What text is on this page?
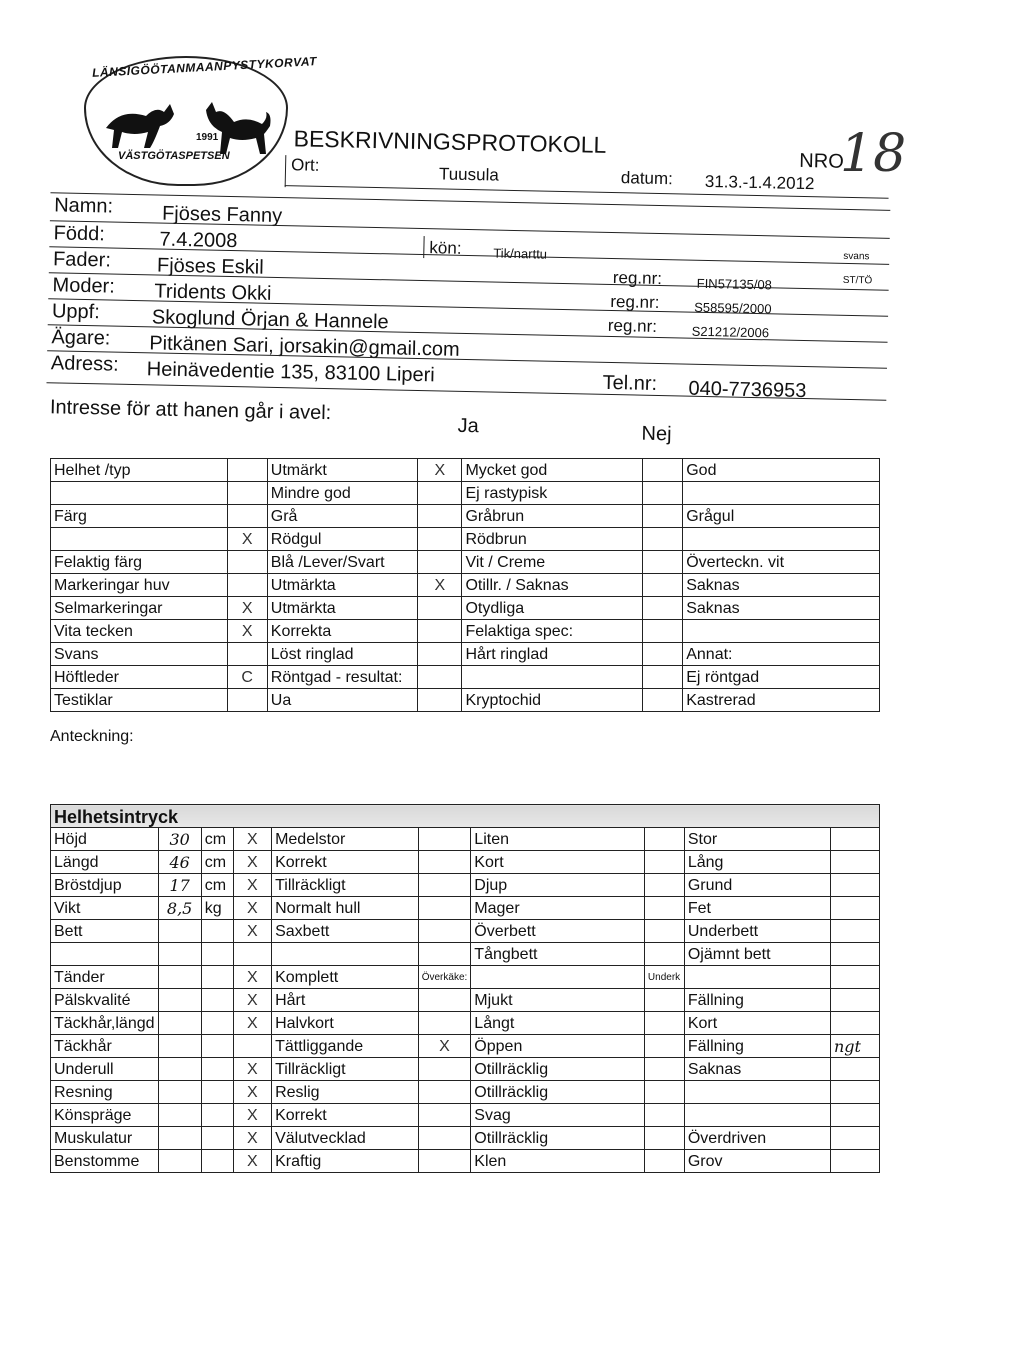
LÄNSIGÖÖTANMAANPYSTYKORVAT
1991
VÄSTGÖTASPETSEN	18
BESKRIVNINGSPROTOKOLL
NRO
Ort:	Tuusula	datum: 31.3.-1.4.2012
Namn: Fjöses Fanny
Född:	7.4.2008	kön: Tik/narttu	svans
Fader: Fjöses Eskil	reg.nr:	FIN57135/08	ST/TÖ
Moder: Tridents Okki	reg.nr:	S58595/2000
Uppf:	Skoglund Örjan & Hannele	reg.nr:	S21212/2006
Ägare: Pitkänen Sari, jorsakin@gmail.com
Adress: Heinävedentie 135, 83100 Liperi	Tel.nr: 040-7736953
Intresse för att hanen går i avel:
Ja	Nej
Helhet /typ		Utmärkt	X	Mycket god		God
		Mindre god		Ej rastypisk		
Färg		Grå		Gråbrun		Grågul
	X	Rödgul		Rödbrun		
Felaktig färg		Blå /Lever/Svart		Vit / Creme		Överteckn. vit
Markeringar huv		Utmärkta	X	Otillr. / Saknas		Saknas
Selmarkeringar	X	Utmärkta		Otydliga		Saknas
Vita tecken	X	Korrekta		Felaktiga spec:		
Svans		Löst ringlad		Hårt ringlad		Annat:
Höftleder	C	Röntgad - resultat:				Ej röntgad
Testiklar		Ua		Kryptochid		Kastrerad
Anteckning:
Helhetsintryck									
Höjd	30	cm	X	Medelstor		Liten		Stor	
Längd	46	cm	X	Korrekt		Kort		Lång	
Bröstdjup	17	cm	X	Tillräckligt		Djup		Grund	
Vikt	8,5	kg	X	Normalt hull		Mager		Fet	
Bett			X	Saxbett		Överbett		Underbett	
						Tångbett		Ojämnt bett	
Tänder			X	Komplett	Överkäke:		Underk		
Pälskvalité			X	Hårt		Mjukt		Fällning	
Täckhår,längd			X	Halvkort		Långt		Kort	
Täckhår				Tättliggande	X	Öppen		Fällning	ngt
Underull			X	Tillräckligt		Otillräcklig		Saknas	
Resning			X	Reslig		Otillräcklig			
Könspräge			X	Korrekt		Svag			
Muskulatur			X	Välutvecklad		Otillräcklig		Överdriven	
Benstomme			X	Kraftig		Klen		Grov	
